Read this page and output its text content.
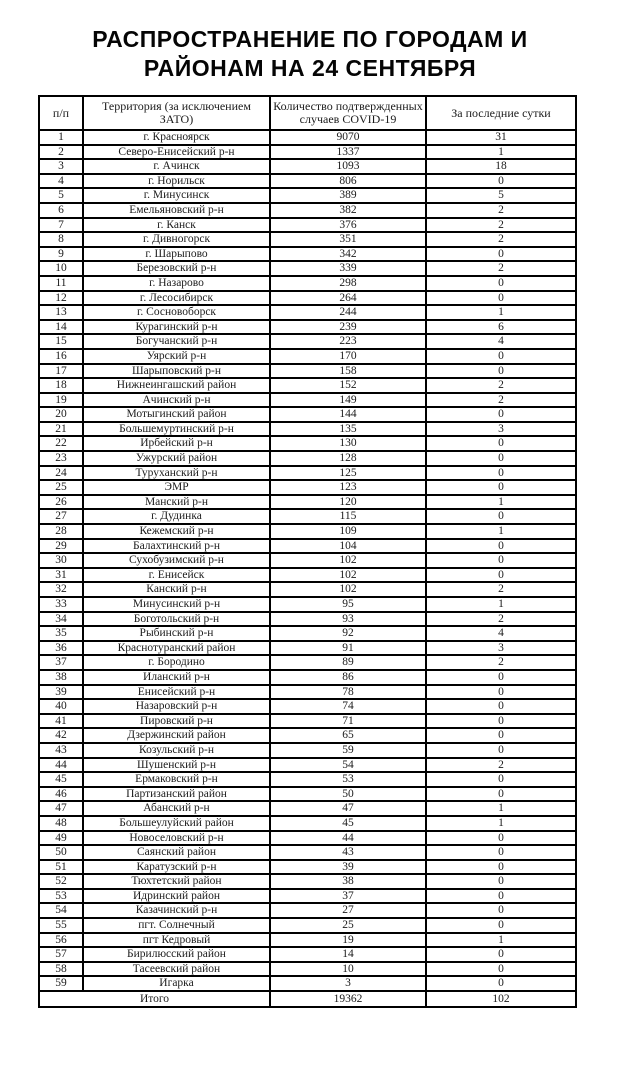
РАСПРОСТРАНЕНИЕ ПО ГОРОДАМ И
РАЙОНАМ НА 24 СЕНТЯБРЯ
п/п	Территория (за исключением ЗАТО)	Количество подтвержденных случаев COVID-19	За последние сутки
1	г. Красноярск	9070	31
2	Северо-Енисейский р-н	1337	1
3	г. Ачинск	1093	18
4	г. Норильск	806	0
5	г. Минусинск	389	5
6	Емельяновский р-н	382	2
7	г. Канск	376	2
8	г. Дивногорск	351	2
9	г. Шарыпово	342	0
10	Березовский р-н	339	2
11	г. Назарово	298	0
12	г. Лесосибирск	264	0
13	г. Сосновоборск	244	1
14	Курагинский р-н	239	6
15	Богучанский р-н	223	4
16	Уярский р-н	170	0
17	Шарыповский р-н	158	0
18	Нижнеингашский район	152	2
19	Ачинский р-н	149	2
20	Мотыгинский район	144	0
21	Большемуртинский р-н	135	3
22	Ирбейский р-н	130	0
23	Ужурский район	128	0
24	Туруханский р-н	125	0
25	ЭМР	123	0
26	Манский р-н	120	1
27	г. Дудинка	115	0
28	Кежемский р-н	109	1
29	Балахтинский р-н	104	0
30	Сухобузимский р-н	102	0
31	г. Енисейск	102	0
32	Канский р-н	102	2
33	Минусинский р-н	95	1
34	Боготольский р-н	93	2
35	Рыбинский р-н	92	4
36	Краснотуранский район	91	3
37	г. Бородино	89	2
38	Иланский р-н	86	0
39	Енисейский р-н	78	0
40	Назаровский р-н	74	0
41	Пировский р-н	71	0
42	Дзержинский район	65	0
43	Козульский р-н	59	0
44	Шушенский р-н	54	2
45	Ермаковский р-н	53	0
46	Партизанский район	50	0
47	Абанский р-н	47	1
48	Большеулуйский район	45	1
49	Новоселовский р-н	44	0
50	Саянский район	43	0
51	Каратузский р-н	39	0
52	Тюхтетский район	38	0
53	Идринский район	37	0
54	Казачинский р-н	27	0
55	пгт. Солнечный	25	0
56	пгт Кедровый	19	1
57	Бирилюсский район	14	0
58	Тасеевский район	10	0
59	Игарка	3	0
Итого		19362	102
